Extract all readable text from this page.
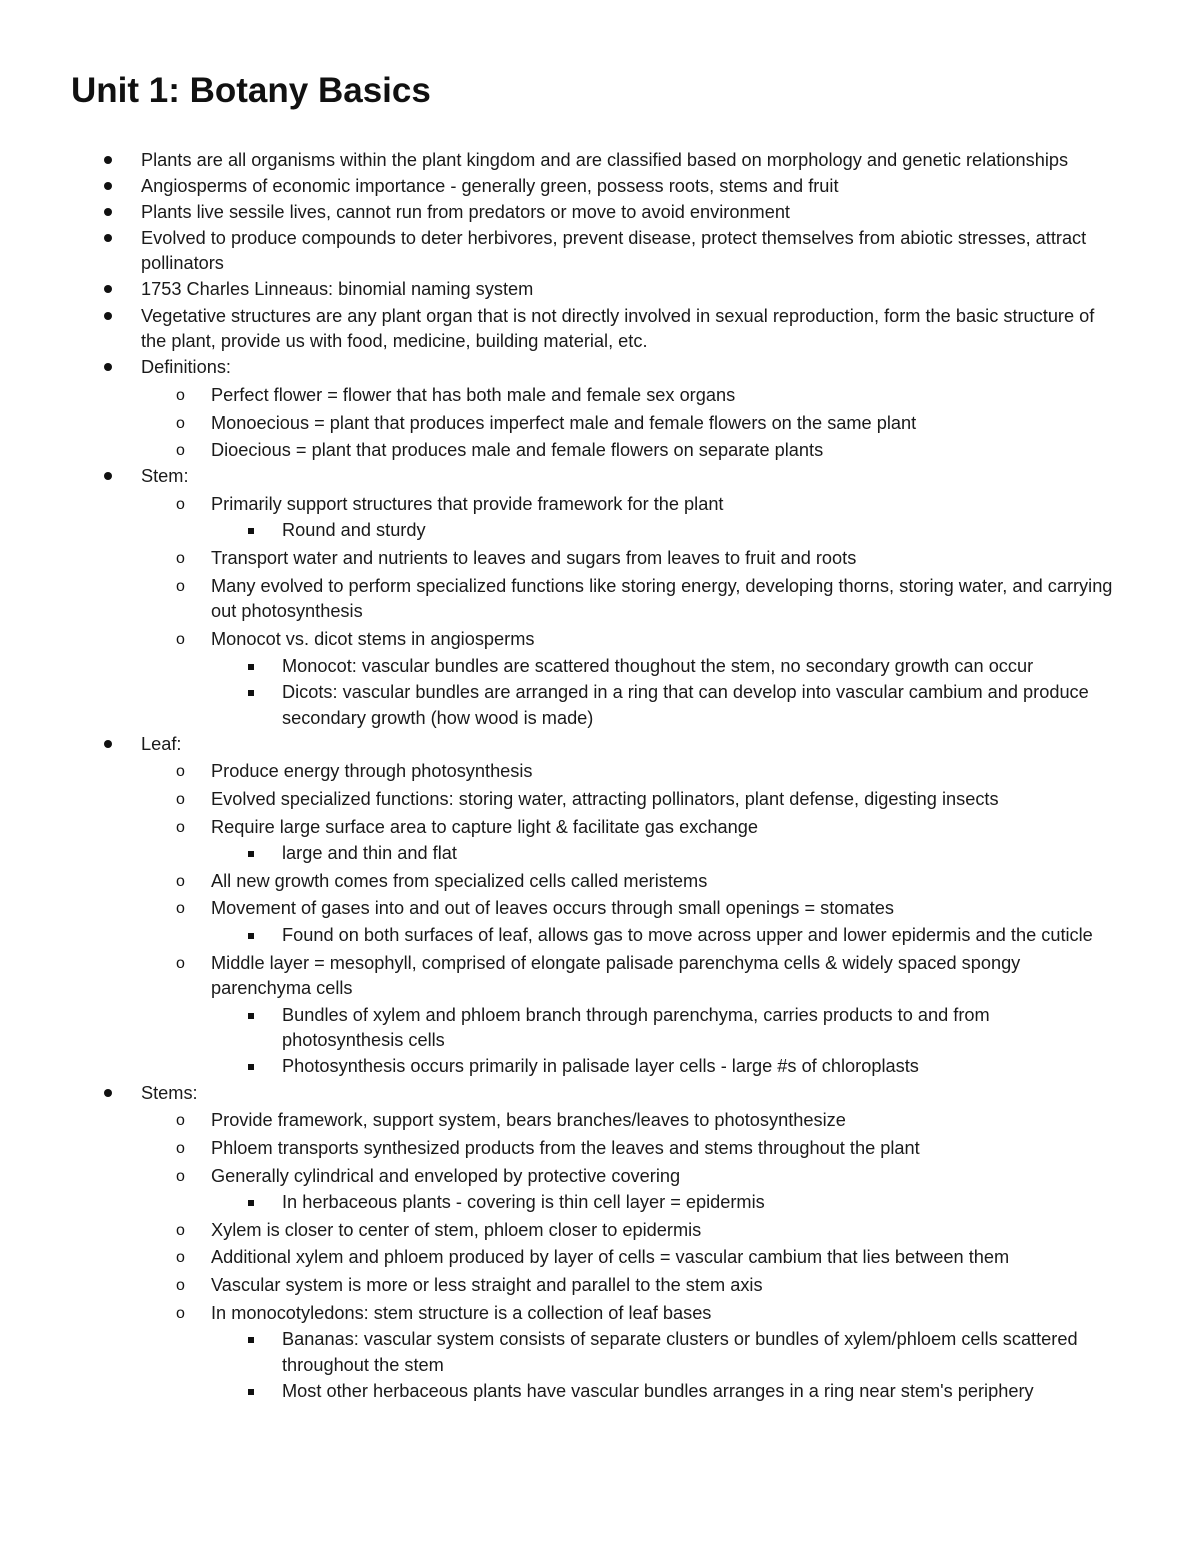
Unit 1: Botany Basics
Plants are all organisms within the plant kingdom and are classified based on morphology and genetic relationships
Angiosperms of economic importance - generally green, possess roots, stems and fruit
Plants live sessile lives, cannot run from predators or move to avoid environment
Evolved to produce compounds to deter herbivores, prevent disease, protect themselves from abiotic stresses, attract pollinators
1753 Charles Linneaus: binomial naming system
Vegetative structures are any plant organ that is not directly involved in sexual reproduction, form the basic structure of the plant, provide us with food, medicine, building material, etc.
Definitions:
o Perfect flower = flower that has both male and female sex organs
o Monoecious = plant that produces imperfect male and female flowers on the same plant
o Dioecious = plant that produces male and female flowers on separate plants
Stem:
o Primarily support structures that provide framework for the plant
Round and sturdy
o Transport water and nutrients to leaves and sugars from leaves to fruit and roots
o Many evolved to perform specialized functions like storing energy, developing thorns, storing water, and carrying out photosynthesis
o Monocot vs. dicot stems in angiosperms
Monocot: vascular bundles are scattered thoughout the stem, no secondary growth can occur
Dicots: vascular bundles are arranged in a ring that can develop into vascular cambium and produce secondary growth (how wood is made)
Leaf:
o Produce energy through photosynthesis
o Evolved specialized functions: storing water, attracting pollinators, plant defense, digesting insects
o Require large surface area to capture light & facilitate gas exchange
large and thin and flat
o All new growth comes from specialized cells called meristems
o Movement of gases into and out of leaves occurs through small openings = stomates
Found on both surfaces of leaf, allows gas to move across upper and lower epidermis and the cuticle
o Middle layer = mesophyll, comprised of elongate palisade parenchyma cells & widely spaced spongy parenchyma cells
Bundles of xylem and phloem branch through parenchyma, carries products to and from photosynthesis cells
Photosynthesis occurs primarily in palisade layer cells - large #s of chloroplasts
Stems:
o Provide framework, support system, bears branches/leaves to photosynthesize
o Phloem transports synthesized products from the leaves and stems throughout the plant
o Generally cylindrical and enveloped by protective covering
In herbaceous plants - covering is thin cell layer = epidermis
o Xylem is closer to center of stem, phloem closer to epidermis
o Additional xylem and phloem produced by layer of cells = vascular cambium that lies between them
o Vascular system is more or less straight and parallel to the stem axis
o In monocotyledons: stem structure is a collection of leaf bases
Bananas: vascular system consists of separate clusters or bundles of xylem/phloem cells scattered throughout the stem
Most other herbaceous plants have vascular bundles arranges in a ring near stem's periphery
